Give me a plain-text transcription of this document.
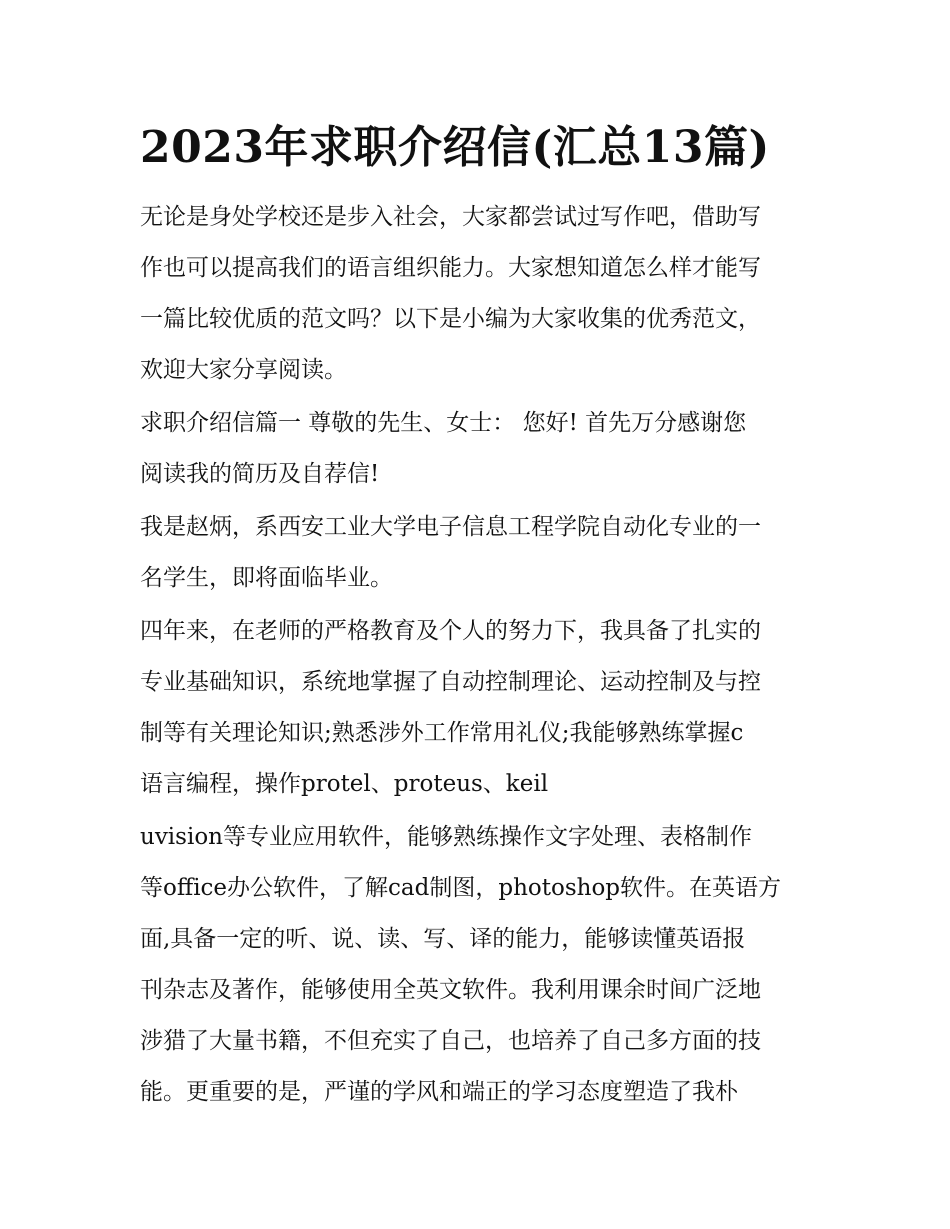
2023年求职介绍信(汇总13篇)
无论是身处学校还是步入社会，大家都尝试过写作吧，借助写
作也可以提高我们的语言组织能力。大家想知道怎么样才能写
一篇比较优质的范文吗？以下是小编为大家收集的优秀范文，
欢迎大家分享阅读。
求职介绍信篇一 尊敬的先生、女士： 您好! 首先万分感谢您
阅读我的简历及自荐信!
我是赵炳，系西安工业大学电子信息工程学院自动化专业的一
名学生，即将面临毕业。
四年来，在老师的严格教育及个人的努力下，我具备了扎实的
专业基础知识，系统地掌握了自动控制理论、运动控制及与控
制等有关理论知识;熟悉涉外工作常用礼仪;我能够熟练掌握c
语言编程，操作protel、proteus、keil
uvision等专业应用软件，能够熟练操作文字处理、表格制作
等office办公软件，了解cad制图，photoshop软件。在英语方
面,具备一定的听、说、读、写、译的能力，能够读懂英语报
刊杂志及著作，能够使用全英文软件。我利用课余时间广泛地
涉猎了大量书籍，不但充实了自己，也培养了自己多方面的技
能。更重要的是，严谨的学风和端正的学习态度塑造了我朴
